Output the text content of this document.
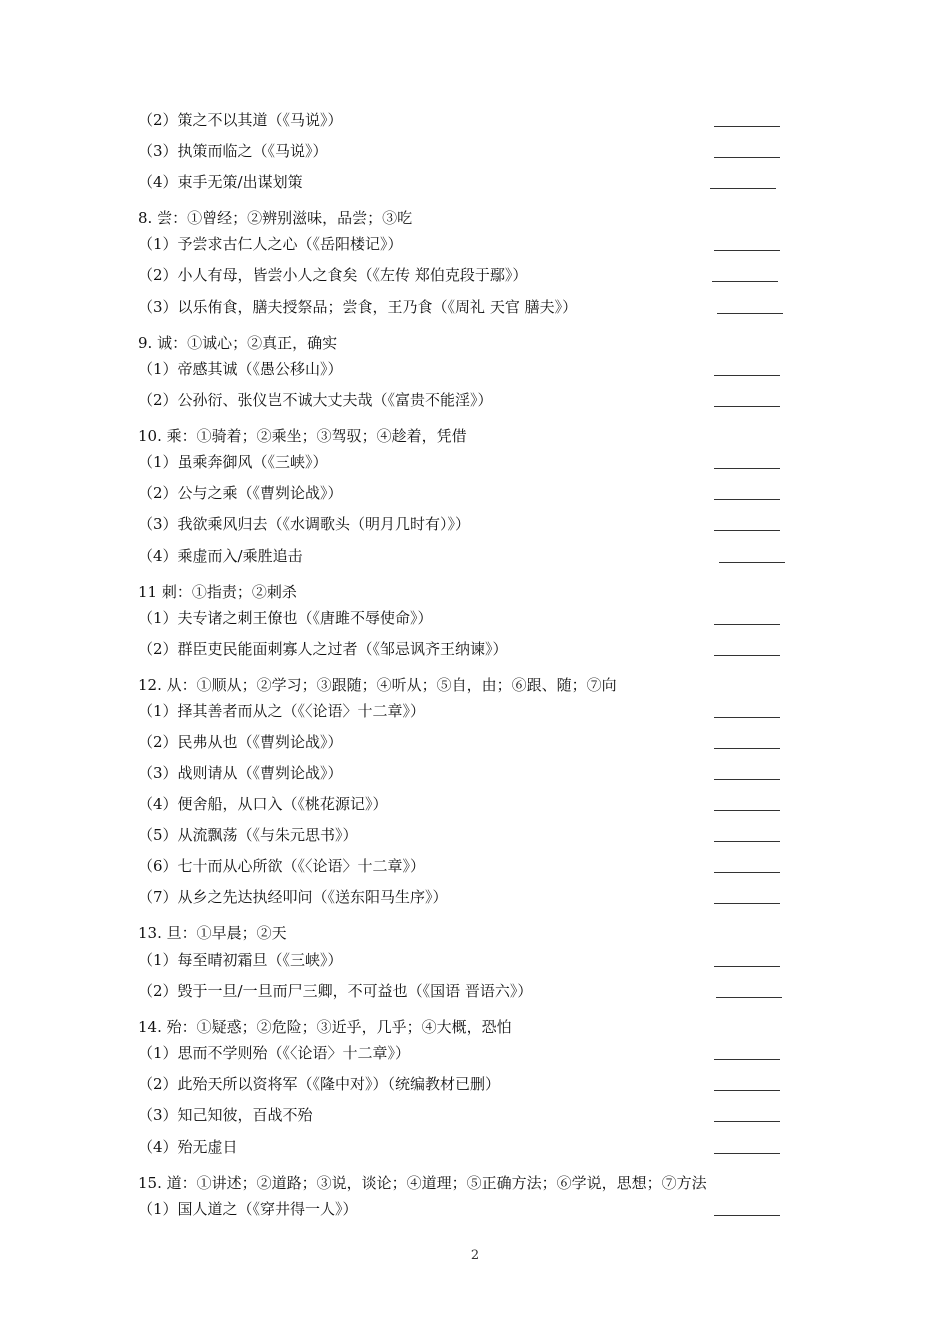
（2）策之不以其道（《马说》）
（3）执策而临之（《马说》）
（4）束手无策/出谋划策
8. 尝：①曾经；②辨别滋味，品尝；③吃
（1）予尝求古仁人之心（《岳阳楼记》）
（2）小人有母，皆尝小人之食矣（《左传 郑伯克段于鄢》）
（3）以乐侑食，膳夫授祭品；尝食，王乃食（《周礼 天官 膳夫》）
9. 诚：①诚心；②真正，确实
（1）帝感其诚（《愚公移山》）
（2）公孙衍、张仪岂不诚大丈夫哉（《富贵不能淫》）
10. 乘：①骑着；②乘坐；③驾驭；④趁着，凭借
（1）虽乘奔御风（《三峡》）
（2）公与之乘（《曹刿论战》）
（3）我欲乘风归去（《水调歌头（明月几时有）》）
（4）乘虚而入/乘胜追击
11 刺：①指责；②刺杀
（1）夫专诸之刺王僚也（《唐雎不辱使命》）
（2）群臣吏民能面刺寡人之过者（《邹忌讽齐王纳谏》）
12. 从：①顺从；②学习；③跟随；④听从；⑤自，由；⑥跟、随；⑦向
（1）择其善者而从之（《〈论语〉十二章》）
（2）民弗从也（《曹刿论战》）
（3）战则请从（《曹刿论战》）
（4）便舍船，从口入（《桃花源记》）
（5）从流飘荡（《与朱元思书》）
（6）七十而从心所欲（《〈论语〉十二章》）
（7）从乡之先达执经叩问（《送东阳马生序》）
13. 旦：①早晨；②天
（1）每至晴初霜旦（《三峡》）
（2）毁于一旦/一旦而尸三卿，不可益也（《国语 晋语六》）
14. 殆：①疑惑；②危险；③近乎，几乎；④大概，恐怕
（1）思而不学则殆（《〈论语〉十二章》）
（2）此殆天所以资将军（《隆中对》）（统编教材已删）
（3）知己知彼，百战不殆
（4）殆无虚日
15. 道：①讲述；②道路；③说，谈论；④道理；⑤正确方法；⑥学说，思想；⑦方法
（1）国人道之（《穿井得一人》）
2
